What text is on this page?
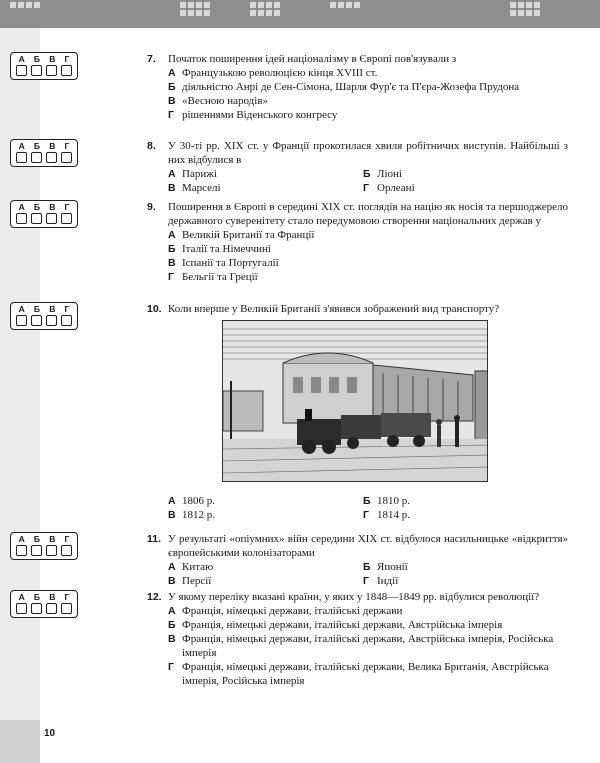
А Б В Г
А Б В Г
А Б В Г
А Б В Г
А Б В Г
А Б В Г
7. Початок поширення ідей націоналізму в Європі пов'язували з
А Французькою революцією кінця XVIII ст.
Б діяльністю Анрі де Сен-Сімона, Шарля Фур'є та П'єра-Жозефа Прудона
В «Весною народів»
Г рішеннями Віденського конгресу
8. У 30-ті рр. XIX ст. у Франції прокотилася хвиля робітничих виступів. Найбільші з них відбулися в
А Парижі	Б Ліоні
В Марселі	Г Орлеані
9. Поширення в Європі в середині XIX ст. поглядів на націю як носія та першоджерело державного суверенітету стало передумовою створення національних держав у
А Великій Британії та Франції
Б Італії та Німеччині
В Іспанії та Португалії
Г Бельгії та Греції
10. Коли вперше у Великій Британії з'явився зображений вид транспорту?
А 1806 р.	Б 1810 р.
В 1812 р.	Г 1814 р.
11. У результаті «опіумних» війн середини XIX ст. відбулося насильницьке «відкриття» європейськими колонізаторами
А Китаю	Б Японії
В Персії	Г Індії
12. У якому переліку вказані країни, у яких у 1848—1849 рр. відбулися революції?
А Франція, німецькі держави, італійські держави
Б Франція, німецькі держави, італійські держави, Австрійська імперія
В Франція, німецькі держави, італійські держави, Австрійська імперія, Російська імперія
Г Франція, німецькі держави, італійські держави, Велика Британія, Австрійська імперія, Російська імперія
10
